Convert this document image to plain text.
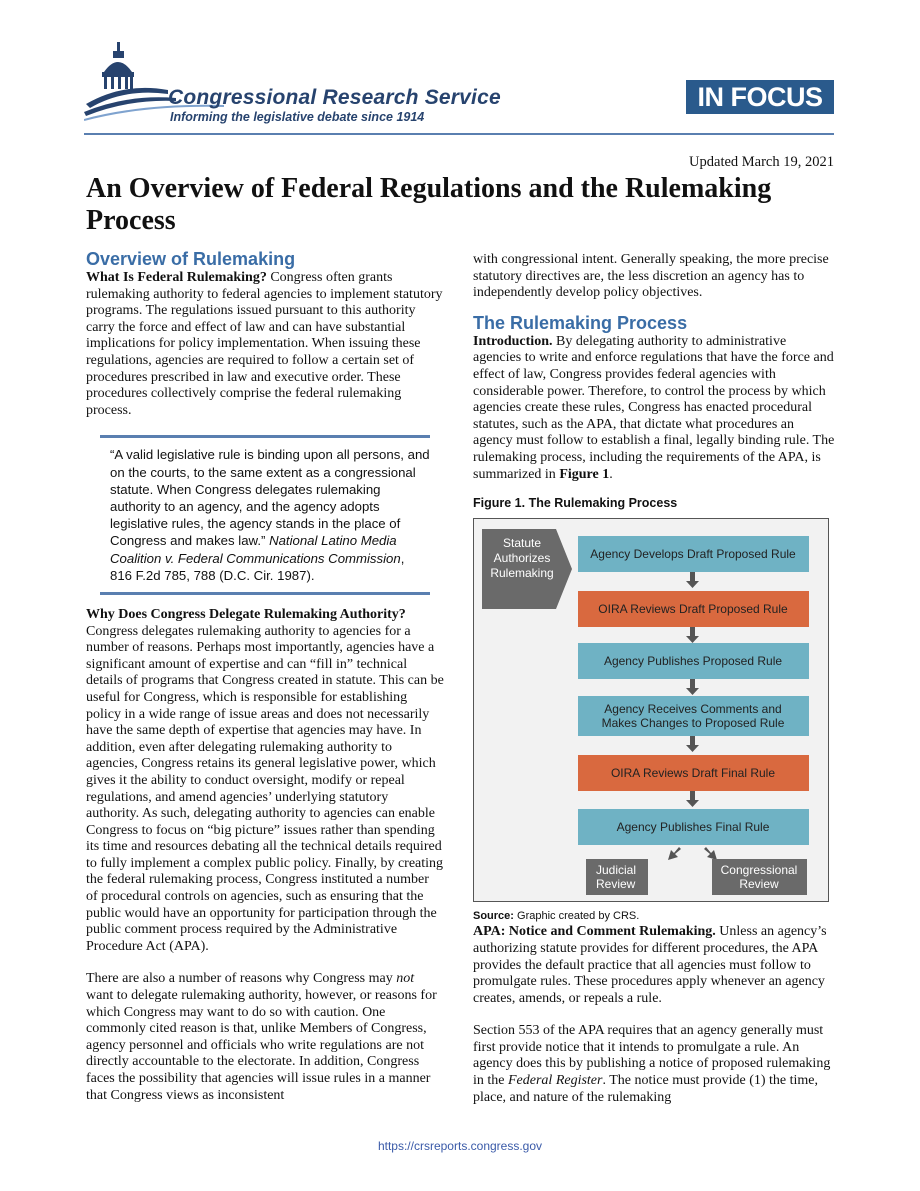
Congressional Research Service
Informing the legislative debate since 1914
IN FOCUS
Updated March 19, 2021
An Overview of Federal Regulations and the Rulemaking Process
Overview of Rulemaking

What Is Federal Rulemaking? Congress often grants rulemaking authority to federal agencies to implement statutory programs. The regulations issued pursuant to this authority carry the force and effect of law and can have substantial implications for policy implementation. When issuing these regulations, agencies are required to follow a certain set of procedures prescribed in law and executive order. These procedures collectively comprise the federal rulemaking process.

“A valid legislative rule is binding upon all persons, and on the courts, to the same extent as a congressional statute. When Congress delegates rulemaking authority to an agency, and the agency adopts legislative rules, the agency stands in the place of Congress and makes law.” National Latino Media Coalition v. Federal Communications Commission, 816 F.2d 785, 788 (D.C. Cir. 1987).

Why Does Congress Delegate Rulemaking Authority? Congress delegates rulemaking authority to agencies for a number of reasons. Perhaps most importantly, agencies have a significant amount of expertise and can “fill in” technical details of programs that Congress created in statute. This can be useful for Congress, which is responsible for establishing policy in a wide range of issue areas and does not necessarily have the same depth of expertise that agencies may have. In addition, even after delegating rulemaking authority to agencies, Congress retains its general legislative power, which gives it the ability to conduct oversight, modify or repeal regulations, and amend agencies’ underlying statutory authority. As such, delegating authority to agencies can enable Congress to focus on “big picture” issues rather than spending its time and resources debating all the technical details required to fully implement a complex public policy. Finally, by creating the federal rulemaking process, Congress instituted a number of procedural controls on agencies, such as ensuring that the public would have an opportunity for participation through the public comment process required by the Administrative Procedure Act (APA).

There are also a number of reasons why Congress may not want to delegate rulemaking authority, however, or reasons for which Congress may want to do so with caution. One commonly cited reason is that, unlike Members of Congress, agency personnel and officials who write regulations are not directly accountable to the electorate. In addition, Congress faces the possibility that agencies will issue rules in a manner that Congress views as inconsistent

with congressional intent. Generally speaking, the more precise statutory directives are, the less discretion an agency has to independently develop policy objectives.

The Rulemaking Process

Introduction. By delegating authority to administrative agencies to write and enforce regulations that have the force and effect of law, Congress provides federal agencies with considerable power. Therefore, to control the process by which agencies create these rules, Congress has enacted procedural statutes, such as the APA, that dictate what procedures an agency must follow to establish a final, legally binding rule. The rulemaking process, including the requirements of the APA, is summarized in Figure 1.

Figure 1. The Rulemaking Process
Statute
Authorizes
Rulemaking
Agency Develops Draft Proposed Rule
OIRA Reviews Draft Proposed Rule
Agency Publishes Proposed Rule
Agency Receives Comments and
Makes Changes to Proposed Rule
OIRA Reviews Draft Final Rule
Agency Publishes Final Rule
Judicial
Review
Congressional
Review
Source: Graphic created by CRS.

APA: Notice and Comment Rulemaking. Unless an agency’s authorizing statute provides for different procedures, the APA provides the default practice that all agencies must follow to promulgate rules. These procedures apply whenever an agency creates, amends, or repeals a rule.

Section 553 of the APA requires that an agency generally must first provide notice that it intends to promulgate a rule. An agency does this by publishing a notice of proposed rulemaking in the Federal Register. The notice must provide (1) the time, place, and nature of the rulemaking

https://crsreports.congress.gov
